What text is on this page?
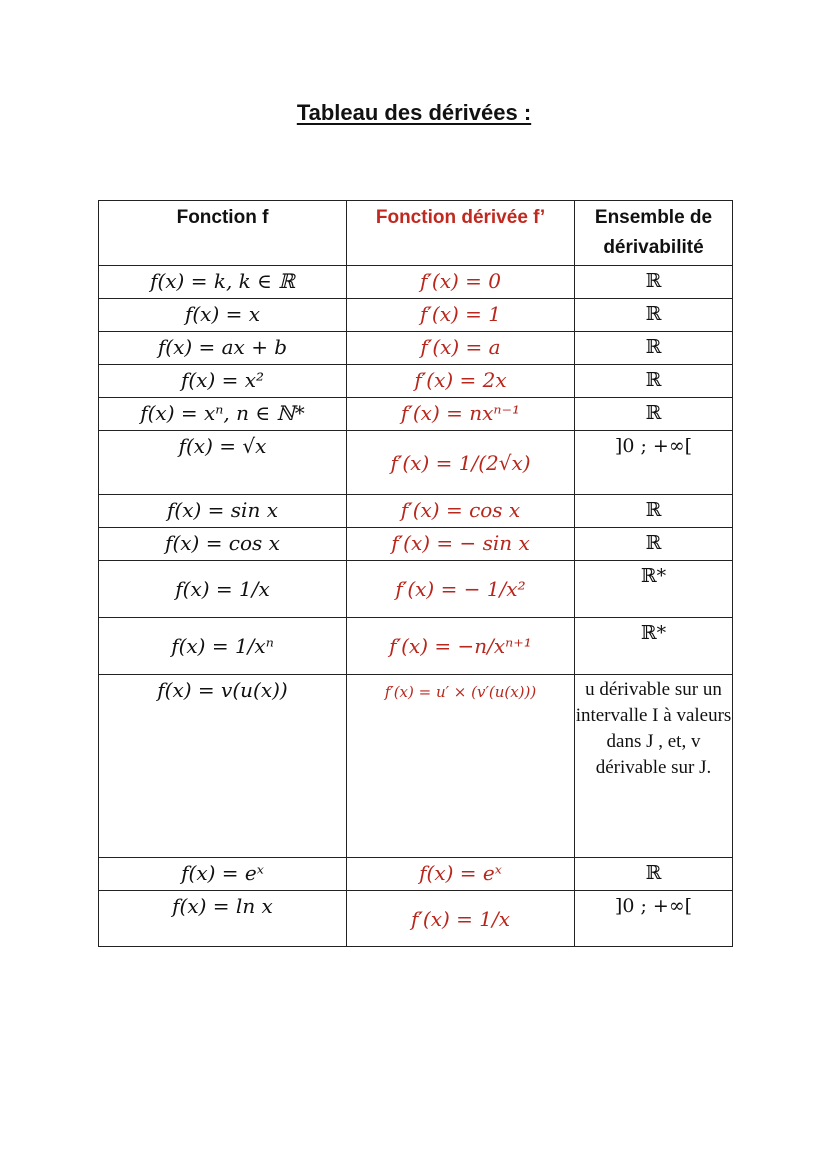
Tableau des dérivées :
Fonction f	Fonction dérivée f’	Ensemble de dérivabilité
f(x) = k, k ∈ ℝ	f′(x) = 0	ℝ
f(x) = x	f′(x) = 1	ℝ
f(x) = ax + b	f′(x) = a	ℝ
f(x) = x²	f′(x) = 2x	ℝ
f(x) = xⁿ, n ∈ ℕ*	f′(x) = nxⁿ⁻¹	ℝ
f(x) = √x	f′(x) = 1/(2√x)	]0 ; +∞[
f(x) = sin x	f′(x) = cos x	ℝ
f(x) = cos x	f′(x) = − sin x	ℝ
f(x) = 1/x	f′(x) = − 1/x²	ℝ*
f(x) = 1/xⁿ	f′(x) = −n/xⁿ⁺¹	ℝ*
f(x) = v(u(x))	f′(x) = u′ × (v′(u(x)))	u dérivable sur un intervalle I à valeurs dans J , et, v dérivable sur J.
f(x) = eˣ	f(x) = eˣ	ℝ
f(x) = ln x	f′(x) = 1/x	]0 ; +∞[
